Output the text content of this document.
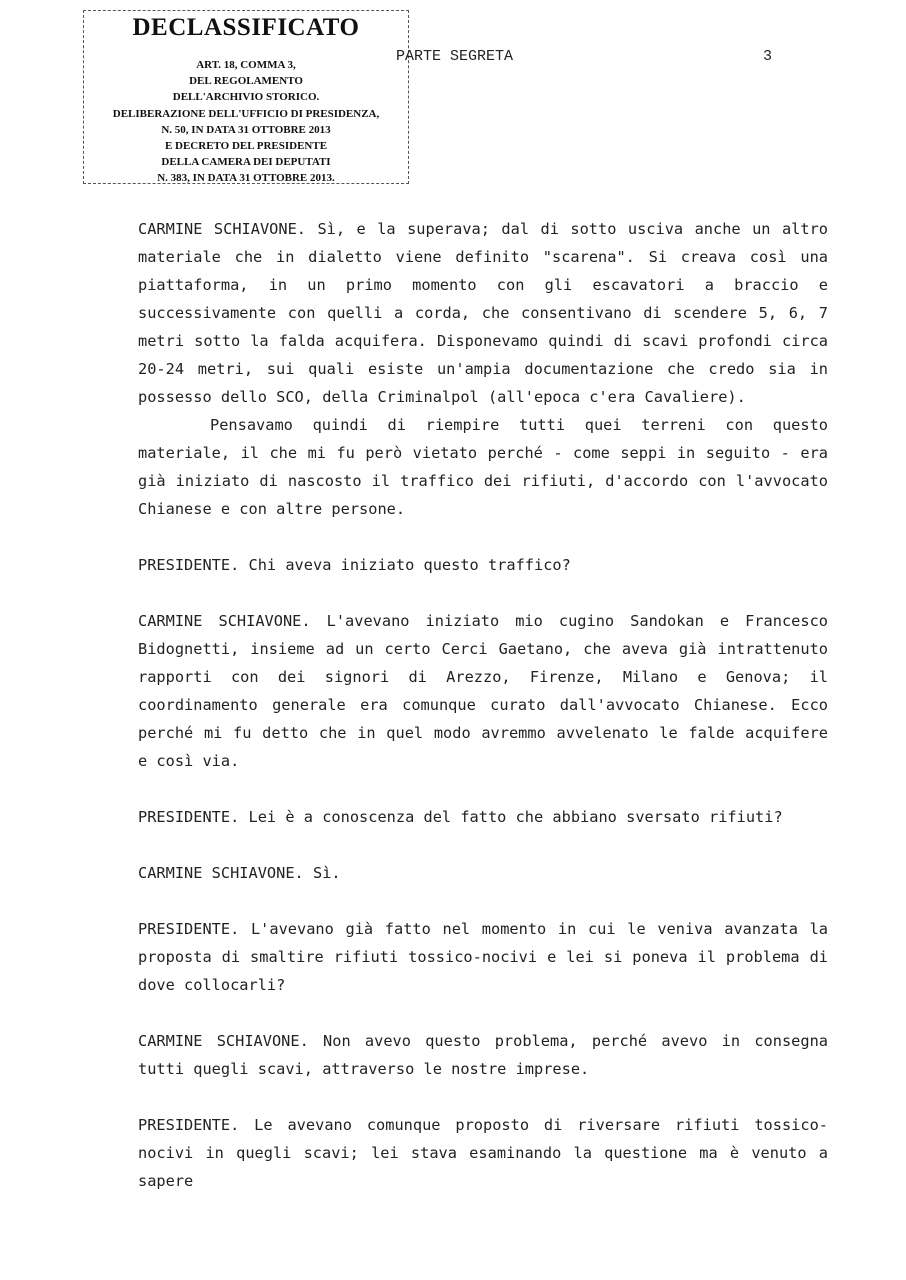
DECLASSIFICATO
ART. 18, COMMA 3,
DEL REGOLAMENTO
DELL'ARCHIVIO STORICO.
DELIBERAZIONE DELL'UFFICIO DI PRESIDENZA,
N. 50, IN DATA 31 OTTOBRE 2013
E DECRETO DEL PRESIDENTE
DELLA CAMERA DEI DEPUTATI
N. 383, IN DATA 31 OTTOBRE 2013.
PARTE SEGRETA	3

CARMINE SCHIAVONE. Sì, e la superava; dal di sotto usciva anche un altro materiale che in dialetto viene definito "scarena". Si creava così una piattaforma, in un primo momento con gli escavatori a braccio e successivamente con quelli a corda, che consentivano di scendere 5, 6, 7 metri sotto la falda acquifera. Disponevamo quindi di scavi profondi circa 20-24 metri, sui quali esiste un'ampia documentazione che credo sia in possesso dello SCO, della Criminalpol (all'epoca c'era Cavaliere).

Pensavamo quindi di riempire tutti quei terreni con questo materiale, il che mi fu però vietato perché - come seppi in seguito - era già iniziato di nascosto il traffico dei rifiuti, d'accordo con l'avvocato Chianese e con altre persone.

PRESIDENTE. Chi aveva iniziato questo traffico?

CARMINE SCHIAVONE. L'avevano iniziato mio cugino Sandokan e Francesco Bidognetti, insieme ad un certo Cerci Gaetano, che aveva già intrattenuto rapporti con dei signori di Arezzo, Firenze, Milano e Genova; il coordinamento generale era comunque curato dall'avvocato Chianese. Ecco perché mi fu detto che in quel modo avremmo avvelenato le falde acquifere e così via.

PRESIDENTE. Lei è a conoscenza del fatto che abbiano sversato rifiuti?

CARMINE SCHIAVONE. Sì.

PRESIDENTE. L'avevano già fatto nel momento in cui le veniva avanzata la proposta di smaltire rifiuti tossico-nocivi e lei si poneva il problema di dove collocarli?

CARMINE SCHIAVONE. Non avevo questo problema, perché avevo in consegna tutti quegli scavi, attraverso le nostre imprese.

PRESIDENTE. Le avevano comunque proposto di riversare rifiuti tossico-nocivi in quegli scavi; lei stava esaminando la questione ma è venuto a sapere
